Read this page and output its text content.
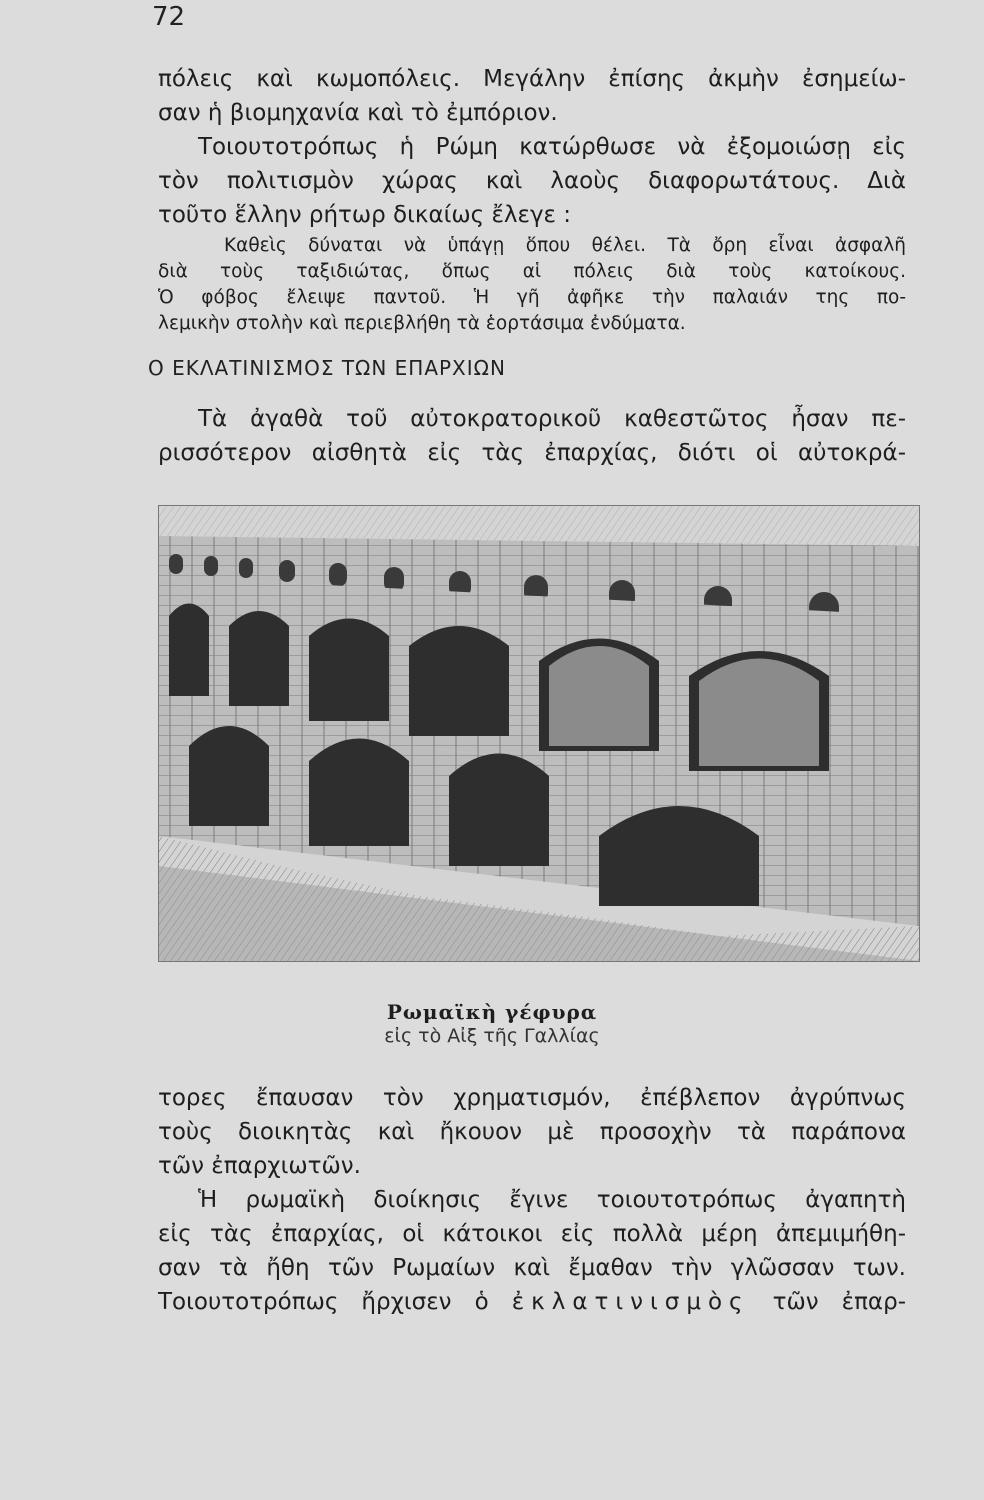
72
πόλεις καὶ κωμοπόλεις. Μεγάλην ἐπίσης ἀκμὴν ἐσημείω-
σαν ἡ βιομηχανία καὶ τὸ ἐμπόριον.
Τοιουτοτρόπως ἡ Ρώμη κατώρθωσε νὰ ἐξομοιώσῃ εἰς
τὸν πολιτισμὸν χώρας καὶ λαοὺς διαφορωτάτους. Διὰ
τοῦτο ἕλλην ρήτωρ δικαίως ἔλεγε :
Καθεὶς δύναται νὰ ὑπάγῃ ὅπου θέλει. Τὰ ὄρη εἶναι ἀσφαλῆ
διὰ τοὺς ταξιδιώτας, ὅπως αἱ πόλεις διὰ τοὺς κατοίκους.
Ὁ φόβος ἔλειψε παντοῦ. Ἡ γῆ ἀφῆκε τὴν παλαιάν της πο-
λεμικὴν στολὴν καὶ περιεβλήθη τὰ ἑορτάσιμα ἐνδύματα.
Ο ΕΚΛΑΤΙΝΙΣΜΟΣ ΤΩΝ ΕΠΑΡΧΙΩΝ
Τὰ ἀγαθὰ τοῦ αὐτοκρατορικοῦ καθεστῶτος ἦσαν πε-
ρισσότερον αἰσθητὰ εἰς τὰς ἐπαρχίας, διότι οἱ αὐτοκρά-
Ρωμαϊκὴ γέφυρα
εἰς τὸ Αἰξ τῆς Γαλλίας
τορες ἔπαυσαν τὸν χρηματισμόν, ἐπέβλεπον ἀγρύπνως
τοὺς διοικητὰς καὶ ἤκουον μὲ προσοχὴν τὰ παράπονα
τῶν ἐπαρχιωτῶν.
Ἡ ρωμαϊκὴ διοίκησις ἔγινε τοιουτοτρόπως ἀγαπητὴ
εἰς τὰς ἐπαρχίας, οἱ κάτοικοι εἰς πολλὰ μέρη ἀπεμιμήθη-
σαν τὰ ἤθη τῶν Ρωμαίων καὶ ἔμαθαν τὴν γλῶσσαν των.
Τοιουτοτρόπως ἤρχισεν ὁ ἐκλατινισμὸς τῶν ἐπαρ-
